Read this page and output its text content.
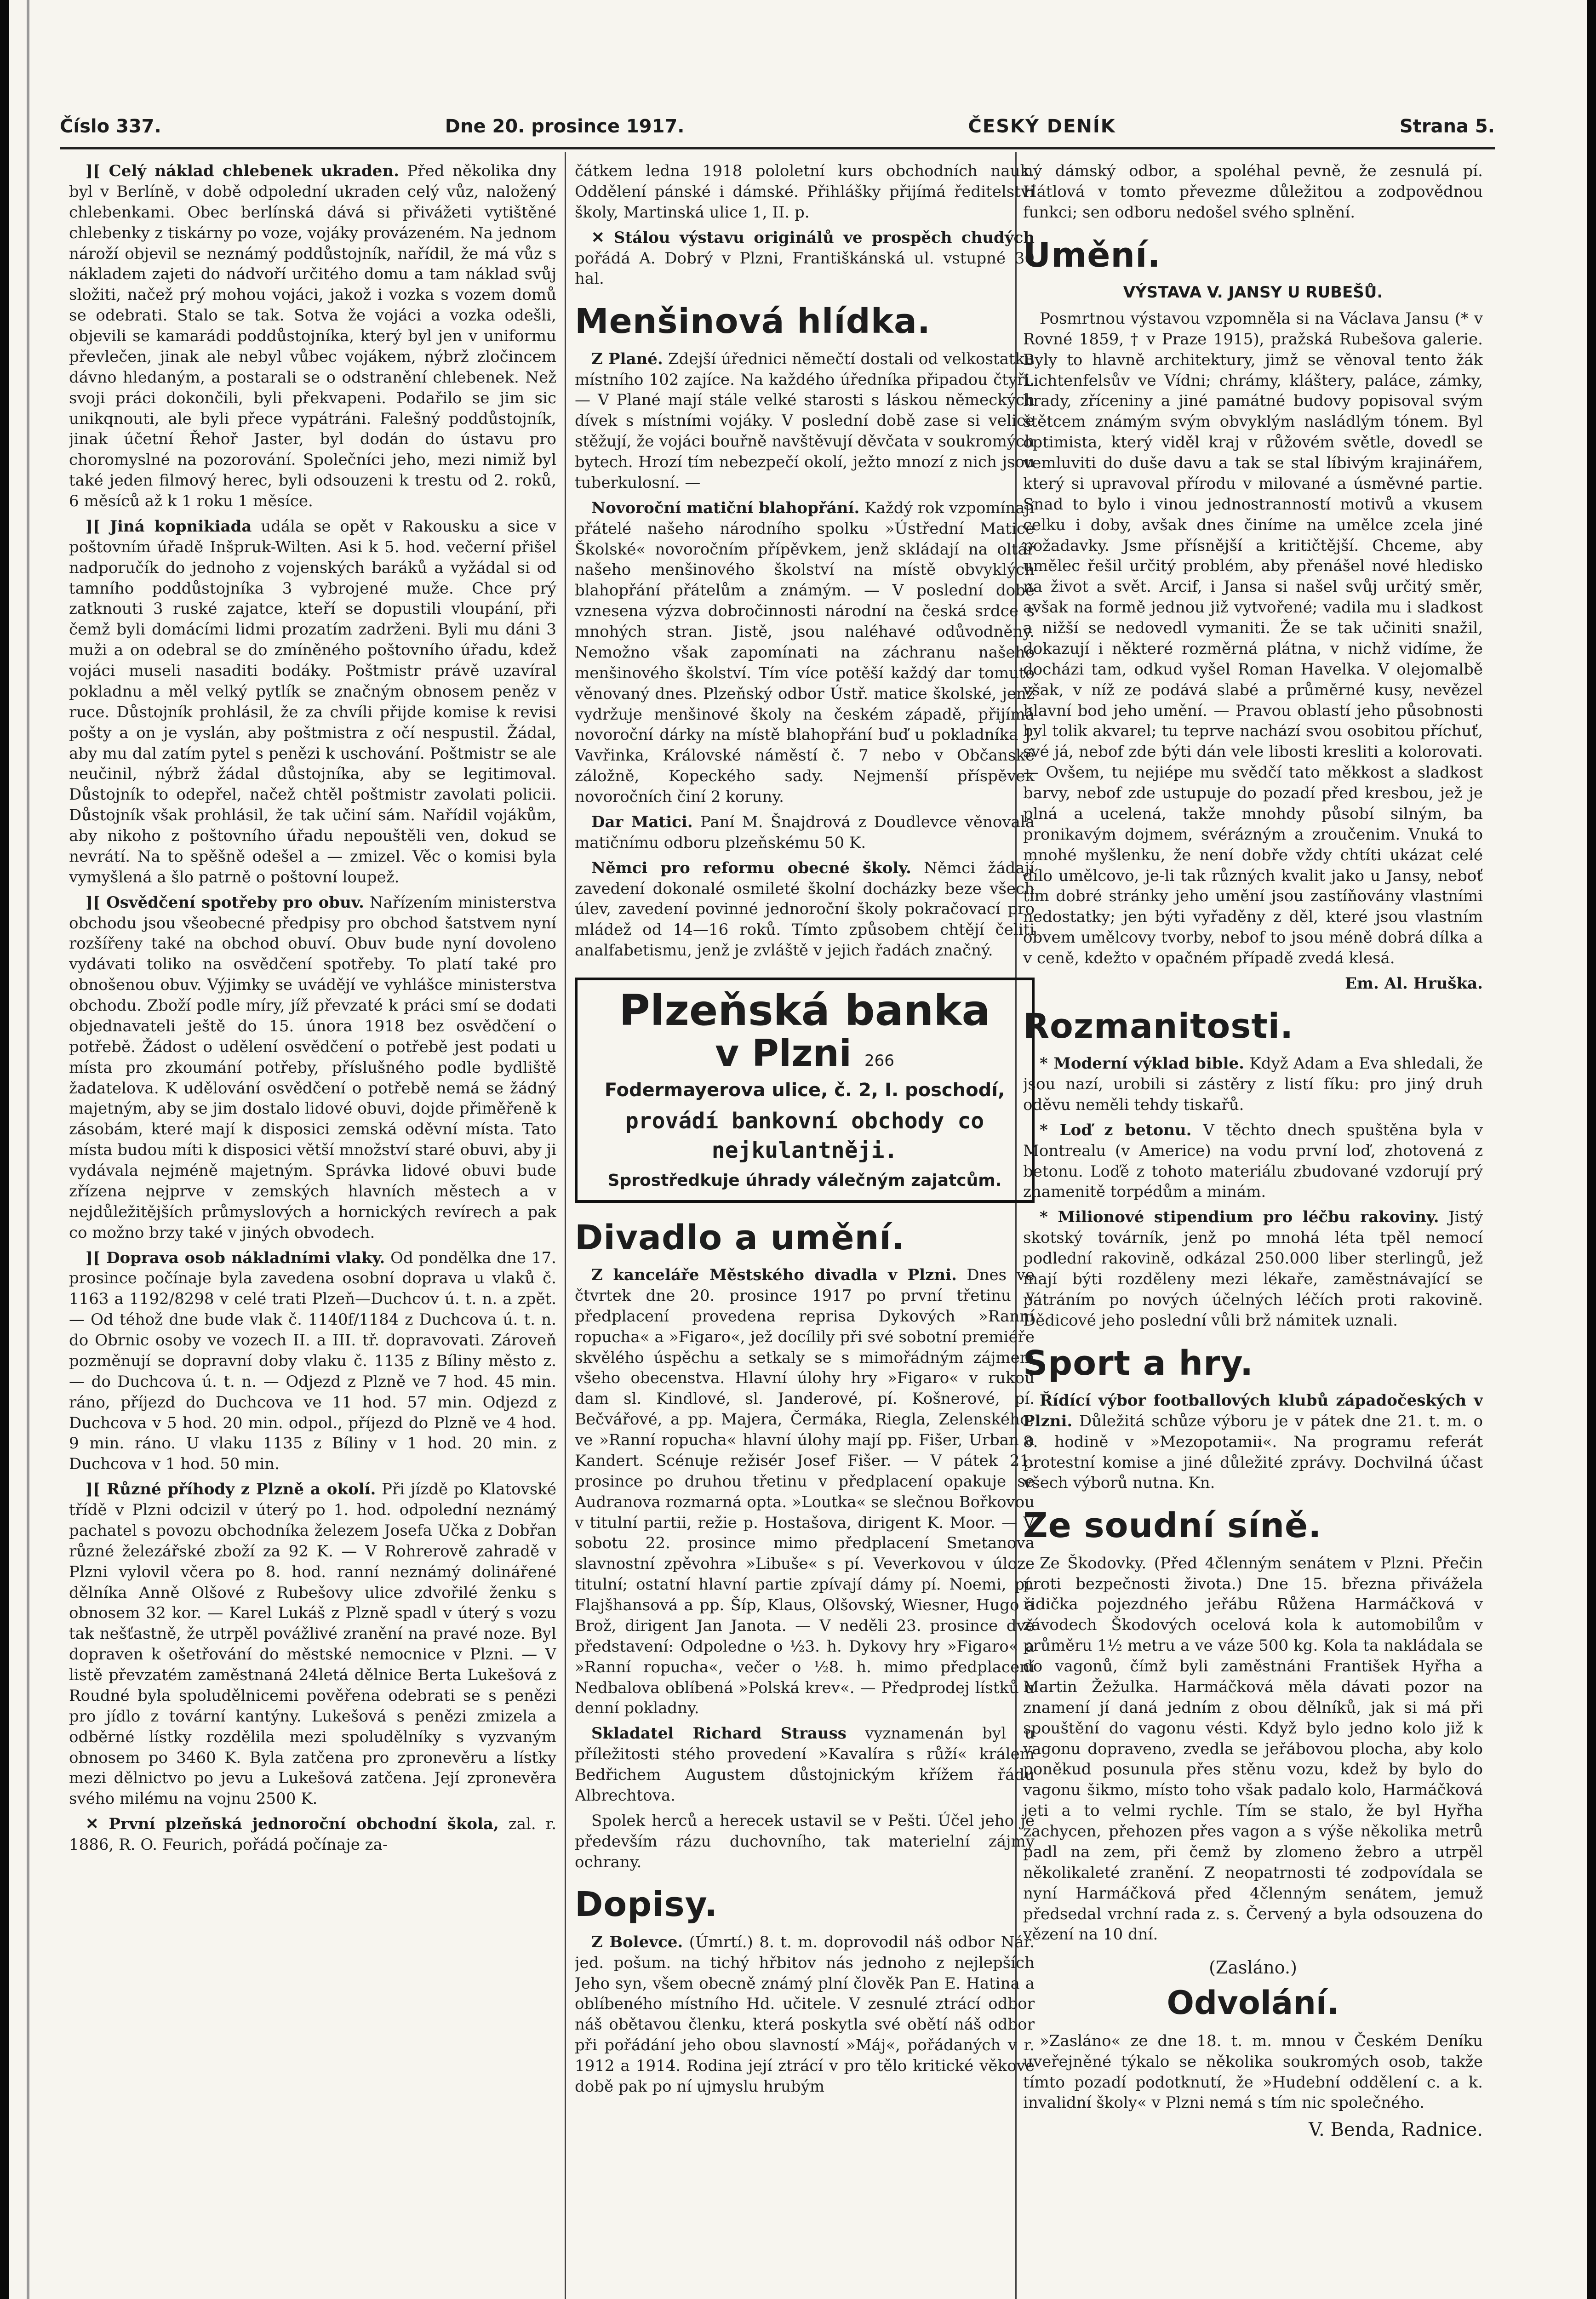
Číslo 337.	Dne 20. prosince 1917.	ČESKÝ DENÍK	Strana 5.

][ Celý náklad chlebenek ukraden. Před několika dny byl v Berlíně, v době odpolední ukraden celý vůz, naložený chlebenkami. Obec berlínská dává si přivážeti vytištěné chlebenky z tiskárny po voze, vojáky provázeném. Na jednom nároží objevil se neznámý poddůstojník, nařídil, že má vůz s nákladem zajeti do nádvoří určitého domu a tam náklad svůj složiti, načež prý mohou vojáci, jakož i vozka s vozem domů se odebrati. Stalo se tak. Sotva že vojáci a vozka odešli, objevili se kamarádi poddůstojníka, který byl jen v uniformu převlečen, jinak ale nebyl vůbec vojákem, nýbrž zločincem dávno hledaným, a postarali se o odstranění chlebenek. Než svoji práci dokončili, byli překvapeni. Podařilo se jim sic unikqnouti, ale byli přece vypátráni. Falešný poddůstojník, jinak účetní Řehoř Jaster, byl dodán do ústavu pro choromyslné na pozorování. Společníci jeho, mezi nimiž byl také jeden filmový herec, byli odsouzeni k trestu od 2. roků, 6 měsíců až k 1 roku 1 měsíce.

][ Jiná kopnikiada udála se opět v Rakousku a sice v poštovním úřadě Inšpruk-Wilten. Asi k 5. hod. večerní přišel nadporučík do jednoho z vojenských baráků a vyžádal si od tamního poddůstojníka 3 vybrojené muže. Chce prý zatknouti 3 ruské zajatce, kteří se dopustili vloupání, při čemž byli domácími lidmi prozatím zadrženi. Byli mu dáni 3 muži a on odebral se do zmíněného poštovního úřadu, kdež vojáci museli nasaditi bodáky. Poštmistr právě uzavíral pokladnu a měl velký pytlík se značným obnosem peněz v ruce. Důstojník prohlásil, že za chvíli přijde komise k revisi pošty a on je vyslán, aby poštmistra z očí nespustil. Žádal, aby mu dal zatím pytel s penězi k uschování. Poštmistr se ale neučinil, nýbrž žádal důstojníka, aby se legitimoval. Důstojník to odepřel, načež chtěl poštmistr zavolati policii. Důstojník však prohlásil, že tak učiní sám. Nařídil vojákům, aby nikoho z poštovního úřadu nepouštěli ven, dokud se nevrátí. Na to spěšně odešel a — zmizel. Věc o komisi byla vymyšlená a šlo patrně o poštovní loupež.

][ Osvědčení spotřeby pro obuv. Nařízením ministerstva obchodu jsou všeobecné předpisy pro obchod šatstvem nyní rozšířeny také na obchod obuví. Obuv bude nyní dovoleno vydávati toliko na osvědčení spotřeby. To platí také pro obnošenou obuv. Výjimky se uvádějí ve vyhlášce ministerstva obchodu. Zboží podle míry, jíž převzaté k práci smí se dodati objednavateli ještě do 15. února 1918 bez osvědčení o potřebě. Žádost o udělení osvědčení o potřebě jest podati u místa pro zkoumání potřeby, příslušného podle bydliště žadatelova. K udělování osvědčení o potřebě nemá se žádný majetným, aby se jim dostalo lidové obuvi, dojde přiměřeně k zásobám, které mají k disposici zemská oděvní místa. Tato místa budou míti k disposici větší množství staré obuvi, aby ji vydávala nejméně majetným. Správka lidové obuvi bude zřízena nejprve v zemských hlavních městech a v nejdůležitějších průmyslových a hornických revírech a pak co možno brzy také v jiných obvodech.

][ Doprava osob nákladními vlaky. Od pondělka dne 17. prosince počínaje byla zavedena osobní doprava u vlaků č. 1163 a 1192/8298 v celé trati Plzeň—Duchcov ú. t. n. a zpět. — Od téhož dne bude vlak č. 1140f/1184 z Duchcova ú. t. n. do Obrnic osoby ve vozech II. a III. tř. dopravovati. Zároveň pozměnují se dopravní doby vlaku č. 1135 z Bíliny město z. — do Duchcova ú. t. n. — Odjezd z Plzně ve 7 hod. 45 min. ráno, příjezd do Duchcova ve 11 hod. 57 min. Odjezd z Duchcova v 5 hod. 20 min. odpol., příjezd do Plzně ve 4 hod. 9 min. ráno. U vlaku 1135 z Bíliny v 1 hod. 20 min. z Duchcova v 1 hod. 50 min.

][ Různé příhody z Plzně a okolí. Při jízdě po Klatovské třídě v Plzni odcizil v úterý po 1. hod. odpolední neznámý pachatel s povozu obchodníka železem Josefa Učka z Dobřan různé železářské zboží za 92 K. — V Rohrerově zahradě v Plzni vylovil včera po 8. hod. ranní neznámý dolinářené dělníka Anně Olšové z Rubešovy ulice zdvořilé ženku s obnosem 32 kor. — Karel Lukáš z Plzně spadl v úterý s vozu tak nešťastně, že utrpěl povážlivé zranění na pravé noze. Byl dopraven k ošetřování do městské nemocnice v Plzni. — V listě převzatém zaměstnaná 24letá dělnice Berta Lukešová z Roudné byla spoludělnicemi pověřena odebrati se s penězi pro jídlo z tovární kantýny. Lukešová s penězi zmizela a odběrné lístky rozdělila mezi spoludělníky s vyzvaným obnosem po 3460 K. Byla zatčena pro zpronevěru a lístky mezi dělnictvo po jevu a Lukešová zatčena. Její zpronevěra svého milému na vojnu 2500 K.

✕ První plzeňská jednoroční obchodní škola, zal. r. 1886, R. O. Feurich, pořádá počínaje za-

čátkem ledna 1918 pololetní kurs obchodních nauk. Oddělení pánské i dámské. Přihlášky přijímá ředitelství školy, Martinská ulice 1, II. p.

✕ Stálou výstavu originálů ve prospěch chudých pořádá A. Dobrý v Plzni, Františkánská ul. vstupné 30 hal.

Menšinová hlídka.

Z Plané. Zdejší úřednici němečtí dostali od velkostatku místního 102 zajíce. Na každého úředníka připadou čtyři. — V Plané mají stále velké starosti s láskou německých dívek s místními vojáky. V poslední době zase si velice stěžují, že vojáci bouřně navštěvují děvčata v soukromých bytech. Hrozí tím nebezpečí okolí, ježto mnozí z nich jsou tuberkulosní. —

Novoroční matiční blahopřání. Každý rok vzpomínají přátelé našeho národního spolku »Ústřední Matice Školské« novoročním přípěvkem, jenž skládají na oltář našeho menšinového školství na místě obvyklých blahopřání přátelům a známým. — V poslední době vznesena výzva dobročinnosti národní na česká srdce s mnohých stran. Jistě, jsou naléhavé odůvodněny. Nemožno však zapomínati na záchranu našeho menšinového školství. Tím více potěší každý dar tomuto věnovaný dnes. Plzeňský odbor Ústř. matice školské, jenž vydržuje menšinové školy na českém západě, přijímá novoroční dárky na místě blahopřání buď u pokladníka J. Vavřinka, Královské náměstí č. 7 nebo v Občanské záložně, Kopeckého sady. Nejmenší příspěvek novoročních činí 2 koruny.

Dar Matici. Paní M. Šnajdrová z Doudlevce věnovala matičnímu odboru plzeňskému 50 K.

Němci pro reformu obecné školy. Němci žádají zavedení dokonalé osmileté školní docházky beze všech úlev, zavedení povinné jednoroční školy pokračovací pro mládež od 14—16 roků. Tímto způsobem chtějí čeliti analfabetismu, jenž je zvláště v jejich řadách značný.

Plzeňská banka
v Plzni 266
Fodermayerova ulice, č. 2, I. poschodí,
provádí bankovní obchody co nejkulantněji.
Sprostředkuje úhrady válečným zajatcům.
Divadlo a umění.

Z kanceláře Městského divadla v Plzni. Dnes ve čtvrtek dne 20. prosince 1917 po první třetinu v předplacení provedena reprisa Dykových »Ranní ropucha« a »Figaro«, jež docílily při své sobotní premiéře skvělého úspěchu a setkaly se s mimořádným zájmem všeho obecenstva. Hlavní úlohy hry »Figaro« v rukou dam sl. Kindlové, sl. Janderové, pí. Košnerové, pí. Bečvářové, a pp. Majera, Čermáka, Riegla, Zelenského; ve »Ranní ropucha« hlavní úlohy mají pp. Fišer, Urban a Kandert. Scénuje režisér Josef Fišer. — V pátek 21. prosince po druhou třetinu v předplacení opakuje se Audranova rozmarná opta. »Loutka« se slečnou Bořkovou v titulní partii, režie p. Hostašova, dirigent K. Moor. — V sobotu 22. prosince mimo předplacení Smetanova slavnostní zpěvohra »Libuše« s pí. Veverkovou v úloze titulní; ostatní hlavní partie zpívají dámy pí. Noemi, pí. Flajšhansová a pp. Šíp, Klaus, Olšovský, Wiesner, Hugo a Brož, dirigent Jan Janota. — V neděli 23. prosince dvě představení: Odpoledne o ½3. h. Dykovy hry »Figaro« a »Ranní ropucha«, večer o ½8. h. mimo předplacení Nedbalova oblíbená »Polská krev«. — Předprodej lístků u denní pokladny.

Skladatel Richard Strauss vyznamenán byl u příležitosti stého provedení »Kavalíra s růží« králem Bedřichem Augustem důstojnickým křížem řádu Albrechtova.

Spolek herců a herecek ustavil se v Pešti. Účel jeho je především rázu duchovního, tak materielní zájmy ochrany.

Dopisy.

Z Bolevce. (Úmrtí.) 8. t. m. doprovodil náš odbor Nár. jed. pošum. na tichý hřbitov nás jednoho z nejlepších Jeho syn, všem obecně známý plní člověk Pan E. Hatina a oblíbeného místního Hd. učitele. V zesnulé ztrácí odbor náš obětavou členku, která poskytla své obětí náš odbor při pořádání jeho obou slavností »Máj«, pořádaných v r. 1912 a 1914. Rodina její ztrácí v pro tělo kritické věkové době pak po ní ujmyslu hrubým

ný dámský odbor, a spoléhal pevně, že zesnulá pí. Hátlová v tomto převezme důležitou a zodpovědnou funkci; sen odboru nedošel svého splnění.

Umění.
VÝSTAVA V. JANSY U RUBEŠŮ.

Posmrtnou výstavou vzpomněla si na Václava Jansu (* v Rovné 1859, † v Praze 1915), pražská Rubešova galerie. Byly to hlavně architektury, jimž se věnoval tento žák Lichtenfelsův ve Vídni; chrámy, kláštery, paláce, zámky, hrady, zříceniny a jiné památné budovy popisoval svým štětcem známým svým obvyklým nasládlým tónem. Byl optimista, který viděl kraj v růžovém světle, dovedl se vemluviti do duše davu a tak se stal líbivým krajinářem, který si upravoval přírodu v milované a úsměvné partie. Snad to bylo i vinou jednostranností motivů a vkusem celku i doby, avšak dnes činíme na umělce zcela jiné požadavky. Jsme přísnější a kritičtější. Chceme, aby umělec řešil určitý problém, aby přenášel nové hledisko na život a svět. Arcif, i Jansa si našel svůj určitý směr, avšak na formě jednou již vytvořené; vadila mu i sladkost a nižší se nedovedl vymaniti. Že se tak učiniti snažil, dokazují i některé rozměrná plátna, v nichž vidíme, že docházi tam, odkud vyšel Roman Havelka. V olejomalbě však, v níž ze podává slabé a průměrné kusy, nevězel hlavní bod jeho umění. — Pravou oblastí jeho působnosti byl tolik akvarel; tu teprve nachází svou osobitou příchuť, své já, nebof zde býti dán vele libosti kresliti a kolorovati. — Ovšem, tu nejiépe mu svědčí tato měkkost a sladkost barvy, nebof zde ustupuje do pozadí před kresbou, jež je plná a ucelená, takže mnohdy působí silným, ba pronikavým dojmem, svérázným a zroučenim. Vnuká to mnohé myšlenku, že není dobře vždy chtíti ukázat celé dílo umělcovo, je-li tak různých kvalit jako u Jansy, neboť tím dobré stránky jeho umění jsou zastíňovány vlastními nedostatky; jen býti vyřaděny z děl, které jsou vlastním obvem umělcovy tvorby, nebof to jsou méně dobrá dílka a v ceně, kdežto v opačném případě zvedá klesá.

Em. Al. Hruška.
Rozmanitosti.

* Moderní výklad bible. Když Adam a Eva shledali, že jsou nazí, urobili si zástěry z listí fíku: pro jiný druh oděvu neměli tehdy tiskařů.

* Loď z betonu. V těchto dnech spuštěna byla v Montrealu (v Americe) na vodu první loď, zhotovená z betonu. Loďě z tohoto materiálu zbudované vzdorují prý znamenitě torpédům a minám.

* Milionové stipendium pro léčbu rakoviny. Jistý skotský továrník, jenž po mnohá léta tpěl nemocí podlední rakovině, odkázal 250.000 liber sterlingů, jež mají býti rozděleny mezi lékaře, zaměstnávající se pátráním po nových účelných léčích proti rakovině. Dědicové jeho poslední vůli brž námitek uznali.

Sport a hry.

Řídící výbor footballových klubů západočeských v Plzni. Důležitá schůze výboru je v pátek dne 21. t. m. o 8. hodině v »Mezopotamii«. Na programu referát protestní komise a jiné důležité zprávy. Dochvilná účast všech výborů nutna. Kn.

Ze soudní síně.

Ze Škodovky. (Před 4členným senátem v Plzni. Přečin proti bezpečnosti života.) Dne 15. března přivážela řidička pojezdného jeřábu Růžena Harmáčková v závodech Škodových ocelová kola k automobilům v průměru 1½ metru a ve váze 500 kg. Kola ta nakládala se do vagonů, čímž byli zaměstnáni František Hyřha a Martin Žežulka. Harmáčková měla dávati pozor na znamení jí daná jedním z obou dělníků, jak si má při spouštění do vagonu vésti. Když bylo jedno kolo již k vagonu dopraveno, zvedla se jeřábovou plocha, aby kolo poněkud posunula přes stěnu vozu, kdež by bylo do vagonu šikmo, místo toho však padalo kolo, Harmáčková jeti a to velmi rychle. Tím se stalo, že byl Hyřha zachycen, přehozen přes vagon a s výše několika metrů padl na zem, při čemž by zlomeno žebro a utrpěl několikaleté zranění. Z neopatrnosti té zodpovídala se nyní Harmáčková před 4členným senátem, jemuž předsedal vrchní rada z. s. Červený a byla odsouzena do vězení na 10 dní.

(Zasláno.)
Odvolání.

»Zasláno« ze dne 18. t. m. mnou v Českém Deníku uveřejněné týkalo se několika soukromých osob, takže tímto pozadí podotknutí, že »Hudební oddělení c. a k. invalidní školy« v Plzni nemá s tím nic společného.

V. Benda, Radnice.
